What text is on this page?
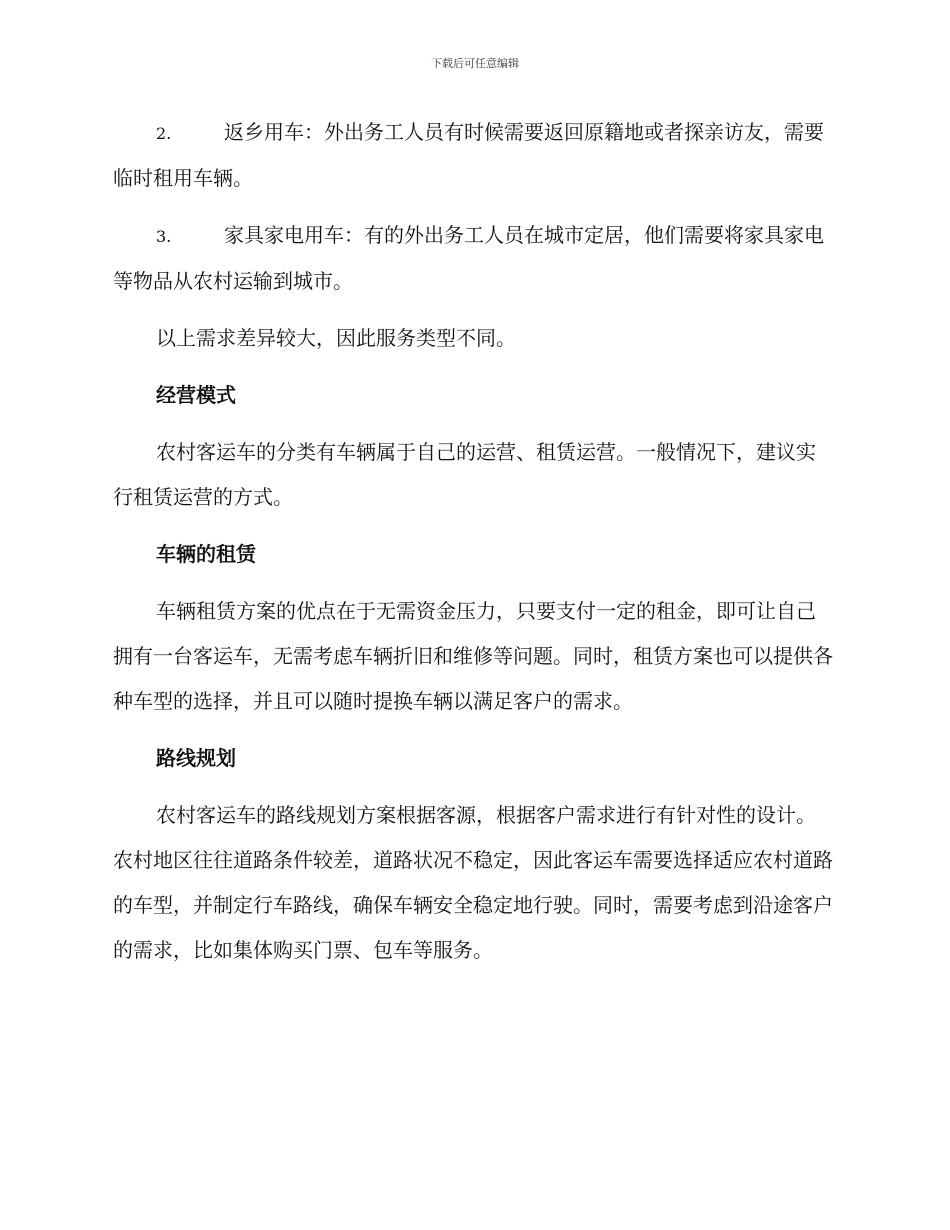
下载后可任意编辑

2.	返乡用车：外出务工人员有时候需要返回原籍地或者探亲访友，需要临时租用车辆。

3.	家具家电用车：有的外出务工人员在城市定居，他们需要将家具家电等物品从农村运输到城市。

以上需求差异较大，因此服务类型不同。

经营模式

农村客运车的分类有车辆属于自己的运营、租赁运营。一般情况下，建议实行租赁运营的方式。

车辆的租赁

车辆租赁方案的优点在于无需资金压力，只要支付一定的租金，即可让自己拥有一台客运车，无需考虑车辆折旧和维修等问题。同时，租赁方案也可以提供各种车型的选择，并且可以随时提换车辆以满足客户的需求。

路线规划

农村客运车的路线规划方案根据客源，根据客户需求进行有针对性的设计。农村地区往往道路条件较差，道路状况不稳定，因此客运车需要选择适应农村道路的车型，并制定行车路线，确保车辆安全稳定地行驶。同时，需要考虑到沿途客户的需求，比如集体购买门票、包车等服务。
